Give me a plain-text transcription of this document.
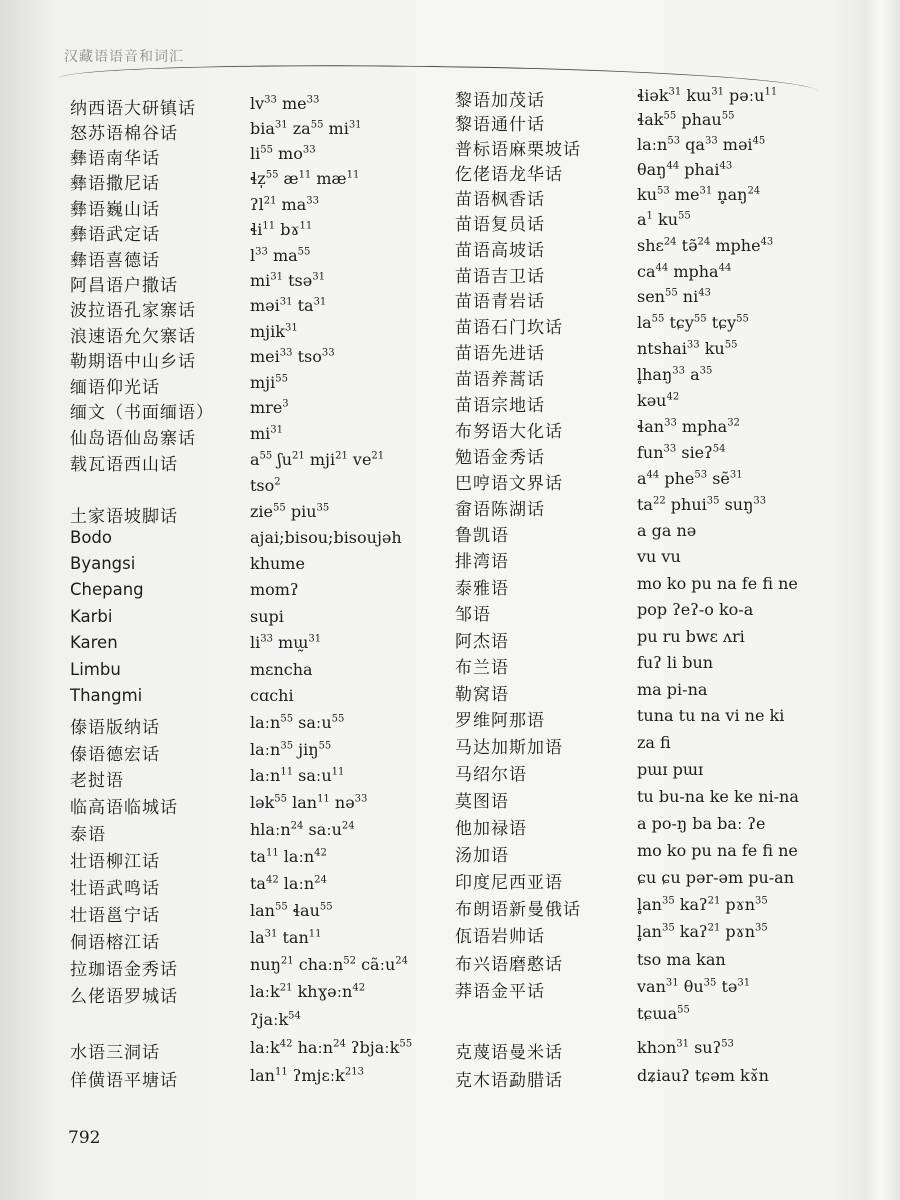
汉藏语语音和词汇
纳西语大研镇话	$lv^{33}$ $me^{33}$
怒苏语棉谷话	bia$^{31}$ $za^{55}$ $mi^{31}$
彝语南华话	$li^{55}$ $mo^{33}$
彝语撒尼话	ɬz̩$^{55}$ $æ^{11}$ $mæ^{11}$
彝语巍山话	ʔl$^{21}$ $ma^{33}$
彝语武定话	ɬi$^{11}$ bɤ$^{11}$
彝语喜德话	$l^{33}$ $ma^{55}$
阿昌语户撒话	$mi^{31}$ tsə$^{31}$
波拉语孔家寨话	məi$^{31}$ $ta^{31}$
浪速语允欠寨话	mjik$^{31}$
勒期语中山乡话	mei$^{33}$ tso$^{33}$
缅语仰光话	mji$^{55}$
缅文（书面缅语） mre$^3$
仙岛语仙岛寨话	$mi^{31}$
载瓦语西山话	$a^{55}$ ʃu$^{21}$ mji$^{21}$ $ve^{21}$
tso$^2$
土家语坡脚话	zie$^{55}$ piu$^{35}$
Bodo	ajai;bisou;bisoujəh
Byangsi	khume
Chepang	momʔ
Karbi	supi
Karen	$li^{33}$ mɯ̰$^{31}$
Limbu	mɛncha
Thangmi	cɑchi
傣语版纳话	laːn$^{55}$ saːu$^{55}$
傣语德宏话	laːn$^{35}$ jiŋ$^{55}$
老挝语	laːn$^{11}$ saːu$^{11}$
临高语临城话	lək$^{55}$ lan$^{11}$ nə$^{33}$
泰语	hlaːn$^{24}$ saːu$^{24}$
壮语柳江话	$ta^{11}$ laːn$^{42}$
壮语武鸣话	$ta^{42}$ laːn$^{24}$
壮语邕宁话	lan$^{55}$ ɬau$^{55}$
侗语榕江话	$la^{31}$ $\tan^{11}$
拉珈语金秀话	nuŋ$^{21}$ chaːn$^{52}$ cãːu$^{24}$
么佬语罗城话	laːk$^{21}$ khɣəːn$^{42}$
ʔjaːk$^{54}$
水语三洞话	laːk$^{42}$ haːn$^{24}$ ʔbjaːk$^{55}$
佯僙语平塘话	lan$^{11}$ ʔmjɛːk$^{213}$
黎语加茂话	ɬiək$^{31}$ kɯ$^{31}$ pəːu$^{11}$
黎语通什话	ɬak$^{55}$ phau$^{55}$
普标语麻栗坡话	laːn$^{53}$ $qa^{33}$ məi$^{45}$
仡佬语龙华话	θaŋ$^{44}$ phai$^{43}$
苗语枫香话	$ku^{53}$ $me^{31}$ $n̥aŋ^{24}$
苗语复员话	$a^1$ $ku^{55}$
苗语高坡话	shɛ$^{24}$ tə̃$^{24}$ mphe$^{43}$
苗语吉卫话	$ca^{44}$ mpha$^{44}$
苗语青岩话	sen$^{55}$ $ni^{43}$
苗语石门坎话	$la^{55}$ tɕy$^{55}$ tɕy$^{55}$
苗语先进话	ntshai$^{33}$ $ku^{55}$
苗语养蒿话	l̥haŋ$^{33}$ $a^{35}$
苗语宗地话	kəu$^{42}$
布努语大化话	ɬan$^{33}$ mpha$^{32}$
勉语金秀话	fun$^{33}$ sieʔ$^{54}$
巴哼语文界话	$a^{44}$ phe$^{53}$ sẽ$^{31}$
畲语陈湖话	$ta^{22}$ phui$^{35}$ suŋ$^{33}$
鲁凯语	a ga nə
排湾语	vu vu
泰雅语	mo ko pu na fe fi ne
邹语	pop ʔeʔ-o ko-a
阿杰语	pu ru bwɛ ʌri
布兰语	fuʔ li bun
勒窝语	ma pi-na
罗维阿那语	tuna tu na vi ne ki
马达加斯加语	za fi
马绍尔语	pɯɪ pɯɪ
莫图语	tu bu-na ke ke ni-na
他加禄语	a po-ŋ ba baː ʔe
汤加语	mo ko pu na fe fi ne
印度尼西亚语	ɕu ɕu pər-əm pu-an
布朗语新曼俄话	$l̥an^{35}$ kaʔ$^{21}$ pɤn$^{35}$
佤语岩帅话	$l̥an^{35}$ kaʔ$^{21}$ pɤn$^{35}$
布兴语磨憨话	tso ma kan
莽语金平话	van$^{31}$ $\theta u^{35}$ tə$^{31}$
tɕɯa$^{55}$
克蔑语曼米话	khɔn$^{31}$ suʔ$^{53}$
克木语勐腊话	dʑiauʔ tɕəm kɤ̆n
792
